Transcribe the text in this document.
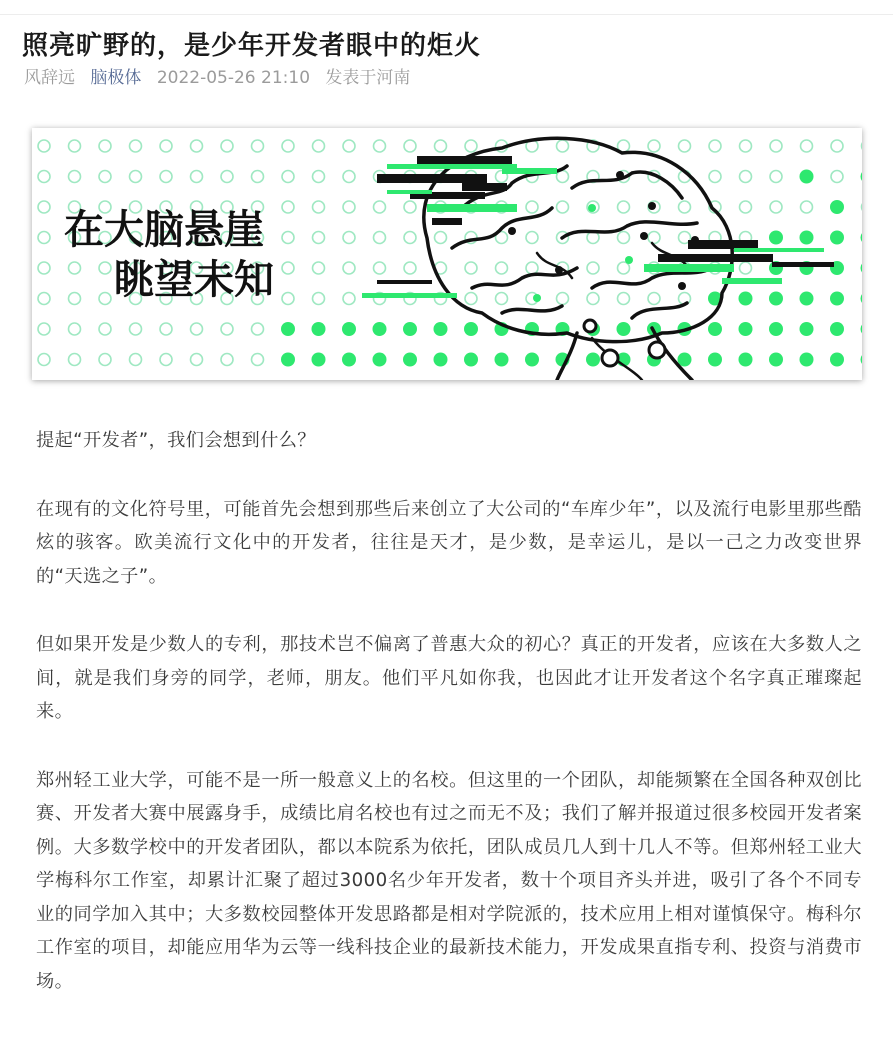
照亮旷野的，是少年开发者眼中的炬火
风辞远 脑极体 2022-05-26 21:10 发表于河南
在大脑悬崖
眺望未知

提起“开发者”，我们会想到什么？

在现有的文化符号里，可能首先会想到那些后来创立了大公司的“车库少年”，以及流行电影里那些酷炫的骇客。欧美流行文化中的开发者，往往是天才，是少数，是幸运儿，是以一己之力改变世界的“天选之子”。

但如果开发是少数人的专利，那技术岂不偏离了普惠大众的初心？真正的开发者，应该在大多数人之间，就是我们身旁的同学，老师，朋友。他们平凡如你我，也因此才让开发者这个名字真正璀璨起来。

郑州轻工业大学，可能不是一所一般意义上的名校。但这里的一个团队，却能频繁在全国各种双创比赛、开发者大赛中展露身手，成绩比肩名校也有过之而无不及；我们了解并报道过很多校园开发者案例。大多数学校中的开发者团队，都以本院系为依托，团队成员几人到十几人不等。但郑州轻工业大学梅科尔工作室，却累计汇聚了超过3000名少年开发者，数十个项目齐头并进，吸引了各个不同专业的同学加入其中；大多数校园整体开发思路都是相对学院派的，技术应用上相对谨慎保守。梅科尔工作室的项目，却能应用华为云等一线科技企业的最新技术能力，开发成果直指专利、投资与消费市场。
